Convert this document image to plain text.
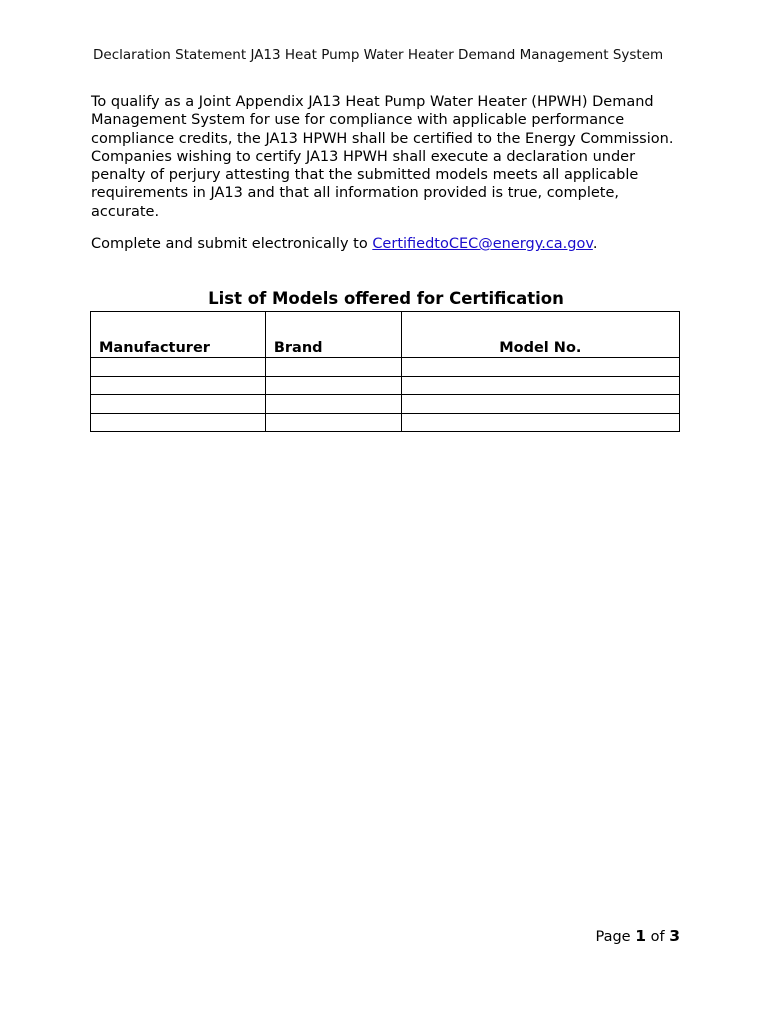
Declaration Statement JA13 Heat Pump Water Heater Demand Management System

To qualify as a Joint Appendix JA13 Heat Pump Water Heater (HPWH) Demand Management System for use for compliance with applicable performance compliance credits, the JA13 HPWH shall be certified to the Energy Commission. Companies wishing to certify JA13 HPWH shall execute a declaration under penalty of perjury attesting that the submitted models meets all applicable requirements in JA13 and that all information provided is true, complete, accurate.

Complete and submit electronically to CertifiedtoCEC@energy.ca.gov.

List of Models offered for Certification
Manufacturer	Brand	Model No.

Page 1 of 3
